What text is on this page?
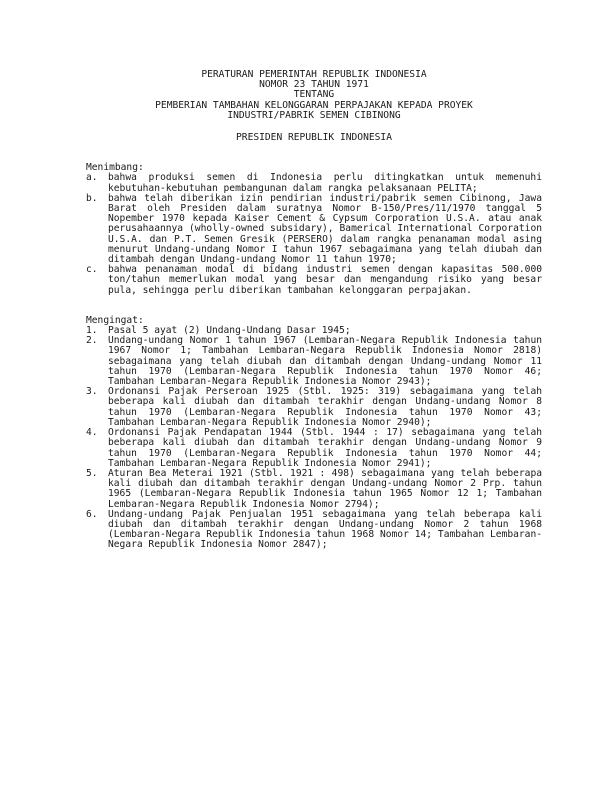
PERATURAN PEMERINTAH REPUBLIK INDONESIA
NOMOR 23 TAHUN 1971
TENTANG
PEMBERIAN TAMBAHAN KELONGGARAN PERPAJAKAN KEPADA PROYEK
INDUSTRI/PABRIK SEMEN CIBINONG
PRESIDEN REPUBLIK INDONESIA
Menimbang:
a.	bahwa produksi semen di Indonesia perlu ditingkatkan untuk memenuhi kebutuhan-kebutuhan pembangunan dalam rangka pelaksanaan PELITA;
b.	bahwa telah diberikan izin pendirian industri/pabrik semen Cibinong, Jawa Barat oleh Presiden dalam suratnya Nomor B-150/Pres/11/1970 tanggal 5 Nopember 1970 kepada Kaiser Cement & Cypsum Corporation U.S.A. atau anak perusahaannya (wholly-owned subsidary), Bamerical International Corporation U.S.A. dan P.T. Semen Gresik (PERSERO) dalam rangka penanaman modal asing menurut Undang-undang Nomor I tahun 1967 sebagaimana yang telah diubah dan ditambah dengan Undang-undang Nomor 11 tahun 1970;
c.	bahwa penanaman modal di bidang industri semen dengan kapasitas 500.000 ton/tahun memerlukan modal yang besar dan mengandung risiko yang besar pula, sehingga perlu diberikan tambahan kelonggaran perpajakan.
Mengingat:
1.	Pasal 5 ayat (2) Undang-Undang Dasar 1945;
2.	Undang-undang Nomor 1 tahun 1967 (Lembaran-Negara Republik Indonesia tahun 1967 Nomor 1; Tambahan Lembaran-Negara Republik Indonesia Nomor 2818) sebagaimana yang telah diubah dan ditambah dengan Undang-undang Nomor 11 tahun 1970 (Lembaran-Negara Republik Indonesia tahun 1970 Nomor 46; Tambahan Lembaran-Negara Republik Indonesia Nomor 2943);
3.	Ordonansi Pajak Perseroan 1925 (Stbl. 1925: 319) sebagaimana yang telah beberapa kali diubah dan ditambah terakhir dengan Undang-undang Nomor 8 tahun 1970 (Lembaran-Negara Republik Indonesia tahun 1970 Nomor 43; Tambahan Lembaran-Negara Republik Indonesia Nomor 2940);
4.	Ordonansi Pajak Pendapatan 1944 (Stbl. 1944 : 17) sebagaimana yang telah beberapa kali diubah dan ditambah terakhir dengan Undang-undang Nomor 9 tahun 1970 (Lembaran-Negara Republik Indonesia tahun 1970 Nomor 44; Tambahan Lembaran-Negara Republik Indonesia Nomor 2941);
5.	Aturan Bea Meterai 1921 (Stbl. 1921 : 498) sebagaimana yang telah beberapa kali diubah dan ditambah terakhir dengan Undang-undang Nomor 2 Prp. tahun 1965 (Lembaran-Negara Republik Indonesia tahun 1965 Nomor 12 1; Tambahan Lembaran-Negara Republik Indonesia Nomor 2794);
6.	Undang-undang Pajak Penjualan 1951 sebagaimana yang telah beberapa kali diubah dan ditambah terakhir dengan Undang-undang Nomor 2 tahun 1968 (Lembaran-Negara Republik Indonesia tahun 1968 Nomor 14; Tambahan Lembaran-Negara Republik Indonesia Nomor 2847);
